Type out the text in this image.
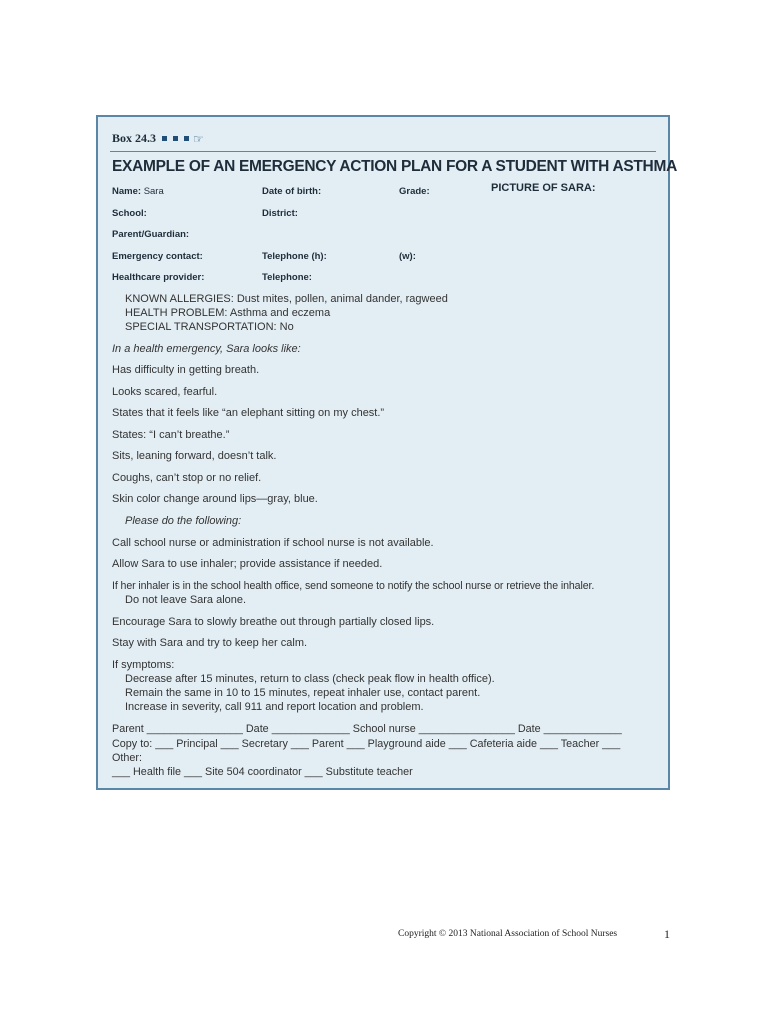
Box 24.3	☞
EXAMPLE OF AN EMERGENCY ACTION PLAN FOR A STUDENT WITH ASTHMA
Name: Sara	Date of birth:	Grade:	PICTURE OF SARA:
School:	District:
Parent/Guardian:
Emergency contact:	Telephone (h):	(w):
Healthcare provider:	Telephone:
KNOWN ALLERGIES: Dust mites, pollen, animal dander, ragweed
HEALTH PROBLEM: Asthma and eczema
SPECIAL TRANSPORTATION: No
In a health emergency, Sara looks like:
Has difficulty in getting breath.
Looks scared, fearful.
States that it feels like “an elephant sitting on my chest.”
States: “I can’t breathe.”
Sits, leaning forward, doesn’t talk.
Coughs, can’t stop or no relief.
Skin color change around lips—gray, blue.
Please do the following:
Call school nurse or administration if school nurse is not available.
Allow Sara to use inhaler; provide assistance if needed.
If her inhaler is in the school health office, send someone to notify the school nurse or retrieve the inhaler.
Do not leave Sara alone.
Encourage Sara to slowly breathe out through partially closed lips.
Stay with Sara and try to keep her calm.
If symptoms:
Decrease after 15 minutes, return to class (check peak flow in health office).
Remain the same in 10 to 15 minutes, repeat inhaler use, contact parent.
Increase in severity, call 911 and report location and problem.
Parent ________________ Date _____________ School nurse ________________ Date _____________
Copy to: ___ Principal ___ Secretary ___ Parent ___ Playground aide ___ Cafeteria aide ___ Teacher ___
Other:
___ Health file ___ Site 504 coordinator ___ Substitute teacher
Copyright © 2013 National Association of School Nurses	1
